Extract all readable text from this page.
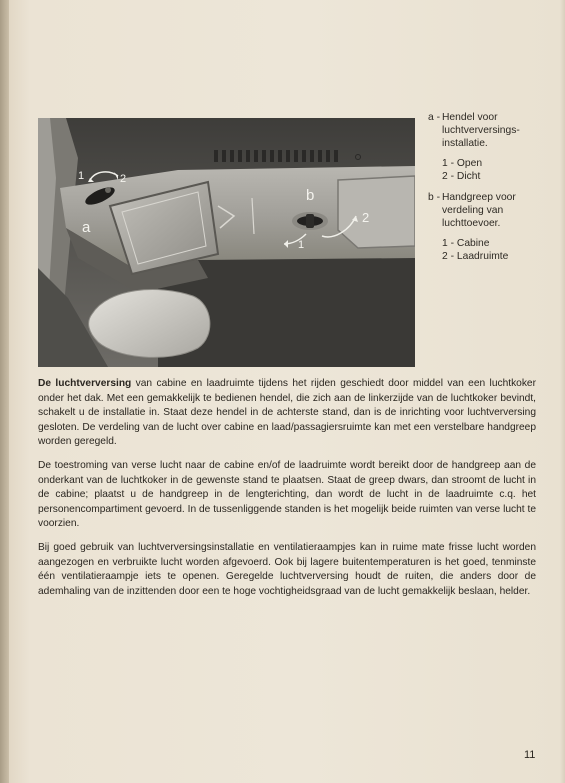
1	2
a
b
2
1
a - Hendel voor luchtverversings-installatie.
1 - Open
2 - Dicht
b - Handgreep voor verdeling van luchttoevoer.
1 - Cabine
2 - Laadruimte

De luchtverversing van cabine en laadruimte tijdens het rijden geschiedt door middel van een luchtkoker onder het dak. Met een gemakkelijk te bedienen hendel, die zich aan de linkerzijde van de luchtkoker bevindt, schakelt u de installatie in. Staat deze hendel in de achterste stand, dan is de inrichting voor luchtverversing gesloten. De verdeling van de lucht over cabine en laad/passagiersruimte kan met een verstelbare handgreep worden geregeld.

De toestroming van verse lucht naar de cabine en/of de laadruimte wordt bereikt door de handgreep aan de onderkant van de luchtkoker in de gewenste stand te plaatsen. Staat de greep dwars, dan stroomt de lucht in de cabine; plaatst u de handgreep in de lengterichting, dan wordt de lucht in de laadruimte c.q. het personencompartiment gevoerd. In de tussenliggende standen is het mogelijk beide ruimten van verse lucht te voorzien.

Bij goed gebruik van luchtverversingsinstallatie en ventilatieraampjes kan in ruime mate frisse lucht worden aangezogen en verbruikte lucht worden afgevoerd. Ook bij lagere buitentemperaturen is het goed, tenminste één ventilatieraampje iets te openen. Geregelde luchtverversing houdt de ruiten, die anders door de ademhaling van de inzittenden door een te hoge vochtigheidsgraad van de lucht gemakkelijk beslaan, helder.

11
